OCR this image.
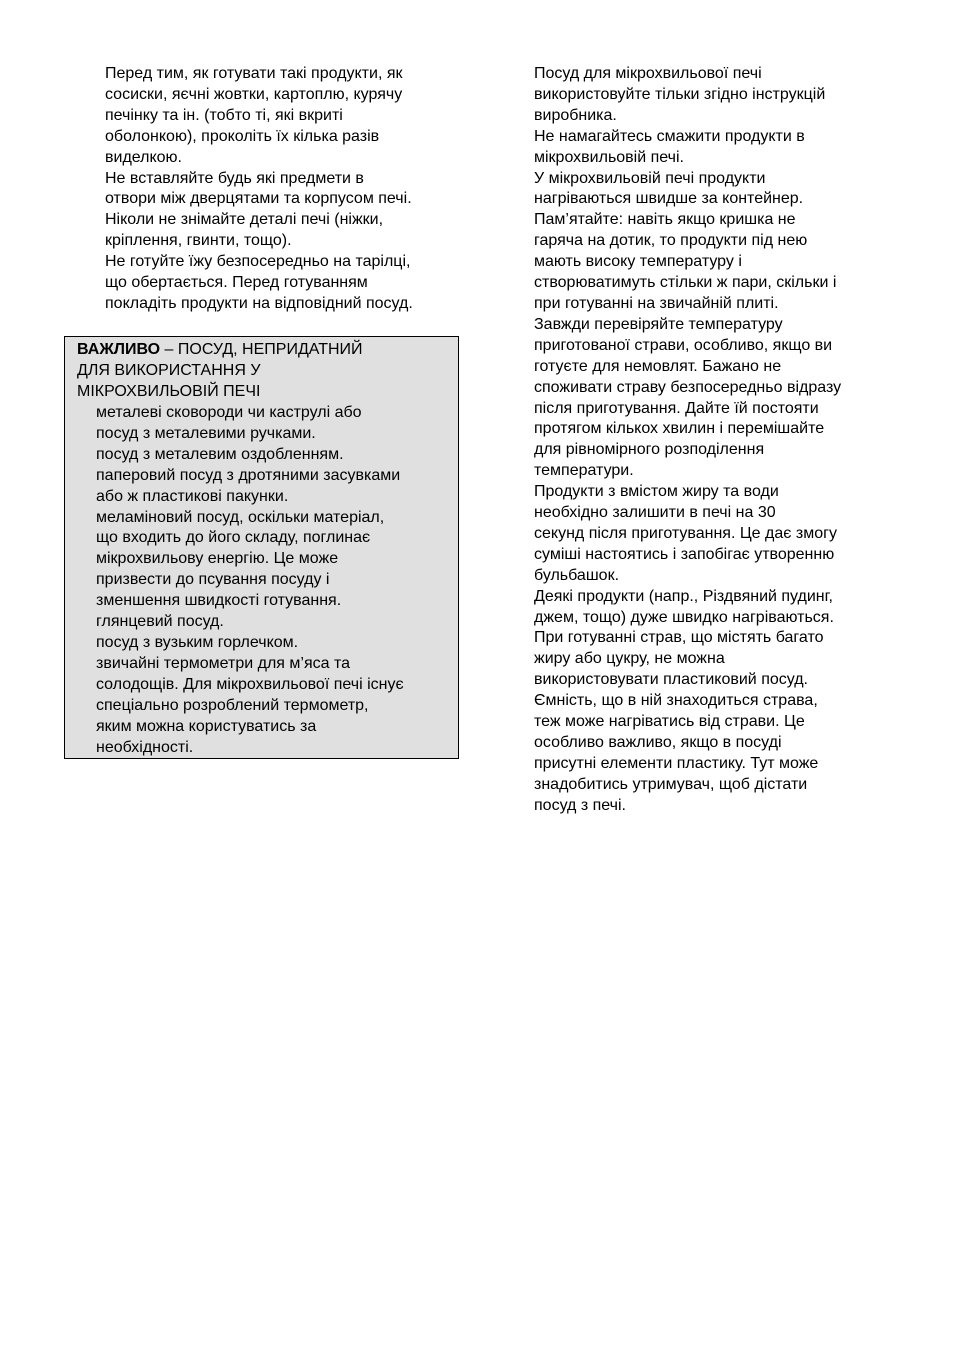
Перед тим, як готувати такі продукти, як
сосиски, яєчні жовтки, картоплю, курячу
печінку та ін. (тобто ті, які вкриті
оболонкою), проколіть їх кілька разів
виделкою.
Не вставляйте будь які предмети в
отвори між дверцятами та корпусом печі.
Ніколи не знімайте деталі печі (ніжки,
кріплення, гвинти, тощо).
Не готуйте їжу безпосередньо на тарілці,
що обертається. Перед готуванням
покладіть продукти на відповідний посуд.
ВАЖЛИВО – ПОСУД, НЕПРИДАТНИЙ
ДЛЯ ВИКОРИСТАННЯ У
МІКРОХВИЛЬОВІЙ ПЕЧІ
металеві сковороди чи каструлі або
посуд з металевими ручками.
посуд з металевим оздобленням.
паперовий посуд з дротяними засувками
або ж пластикові пакунки.
меламіновий посуд, оскільки матеріал,
що входить до його складу, поглинає
мікрохвильову енергію. Це може
призвести до псування посуду і
зменшення швидкості готування.
глянцевий посуд.
посуд з вузьким горлечком.
звичайні термометри для м’яса та
солодощів. Для мікрохвильової печі існує
спеціально розроблений термометр,
яким можна користуватись за
необхідності.
Посуд для мікрохвильової печі
використовуйте тільки згідно інструкцій
виробника.
Не намагайтесь смажити продукти в
мікрохвильовій печі.
У мікрохвильовій печі продукти
нагріваються швидше за контейнер.
Пам’ятайте: навіть якщо кришка не
гаряча на дотик, то продукти під нею
мають високу температуру і
створюватимуть стільки ж пари, скільки і
при готуванні на звичайній плиті.
Завжди перевіряйте температуру
приготованої страви, особливо, якщо ви
готуєте для немовлят. Бажано не
споживати страву безпосередньо відразу
після приготування. Дайте їй постояти
протягом кількох хвилин і перемішайте
для рівномірного розподілення
температури.
Продукти з вмістом жиру та води
необхідно залишити в печі на 30
секунд після приготування. Це дає змогу
суміші настоятись і запобігає утворенню
бульбашок.
Деякі продукти (напр., Різдвяний пудинг,
джем, тощо) дуже швидко нагріваються.
При готуванні страв, що містять багато
жиру або цукру, не можна
використовувати пластиковий посуд.
Ємність, що в ній знаходиться страва,
теж може нагріватись від страви. Це
особливо важливо, якщо в посуді
присутні елементи пластику. Тут може
знадобитись утримувач, щоб дістати
посуд з печі.
